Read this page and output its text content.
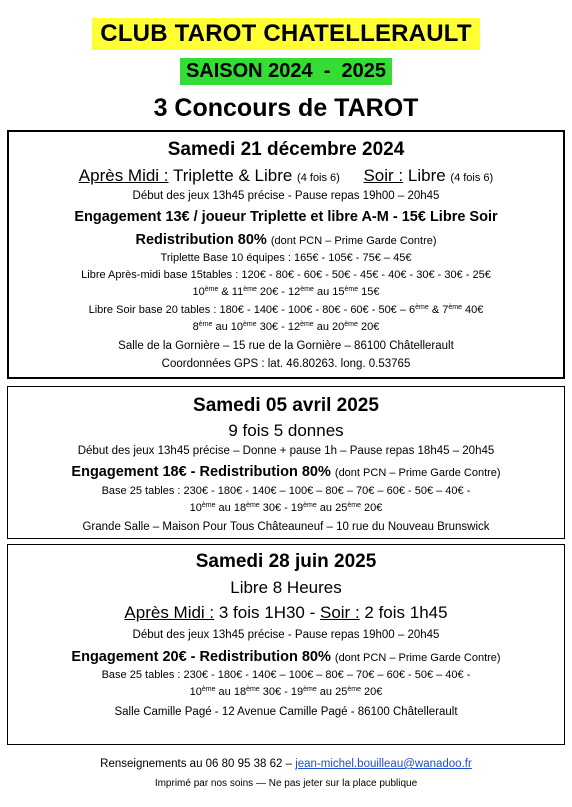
CLUB TAROT CHATELLERAULT
SAISON 2024  -  2025
3 Concours de TAROT
Samedi 21 décembre 2024
Après Midi : Triplette & Libre (4 fois 6) Soir : Libre (4 fois 6)
Début des jeux 13h45 précise - Pause repas 19h00 – 20h45
Engagement 13€ / joueur Triplette et libre A-M - 15€ Libre Soir
Redistribution 80% (dont PCN – Prime Garde Contre)
Triplette Base 10 équipes : 165€ - 105€ - 75€ – 45€
Libre Après-midi base 15tables : 120€ - 80€ - 60€ - 50€ - 45€ - 40€ - 30€ - 30€ - 25€
10ème & 11ème 20€ - 12ème au 15ème 15€
Libre Soir base 20 tables : 180€ - 140€ - 100€ - 80€ - 60€ - 50€ – 6ème & 7ème 40€
8ème au 10ème 30€ - 12ème au 20ème 20€
Salle de la Gornière – 15 rue de la Gornière – 86100 Châtellerault
Coordonnées GPS : lat. 46.80263. long. 0.53765
Samedi 05 avril 2025
9 fois 5 donnes
Début des jeux 13h45 précise – Donne + pause 1h – Pause repas 18h45 – 20h45
Engagement 18€ - Redistribution 80% (dont PCN – Prime Garde Contre)
Base 25 tables : 230€ - 180€ - 140€ – 100€ – 80€ – 70€ – 60€ - 50€ – 40€ -
10ème au 18ème 30€ - 19ème au 25ème 20€
Grande Salle – Maison Pour Tous Châteauneuf – 10 rue du Nouveau Brunswick
Samedi 28 juin 2025
Libre 8 Heures
Après Midi : 3 fois 1H30 - Soir : 2 fois 1h45
Début des jeux 13h45 précise - Pause repas 19h00 – 20h45
Engagement 20€ - Redistribution 80% (dont PCN – Prime Garde Contre)
Base 25 tables : 230€ - 180€ - 140€ – 100€ – 80€ – 70€ – 60€ - 50€ – 40€ -
10ème au 18ème 30€ - 19ème au 25ème 20€
Salle Camille Pagé - 12 Avenue Camille Pagé - 86100 Châtellerault
Renseignements au 06 80 95 38 62 – jean-michel.bouilleau@wanadoo.fr
Imprimé par nos soins — Ne pas jeter sur la place publique
